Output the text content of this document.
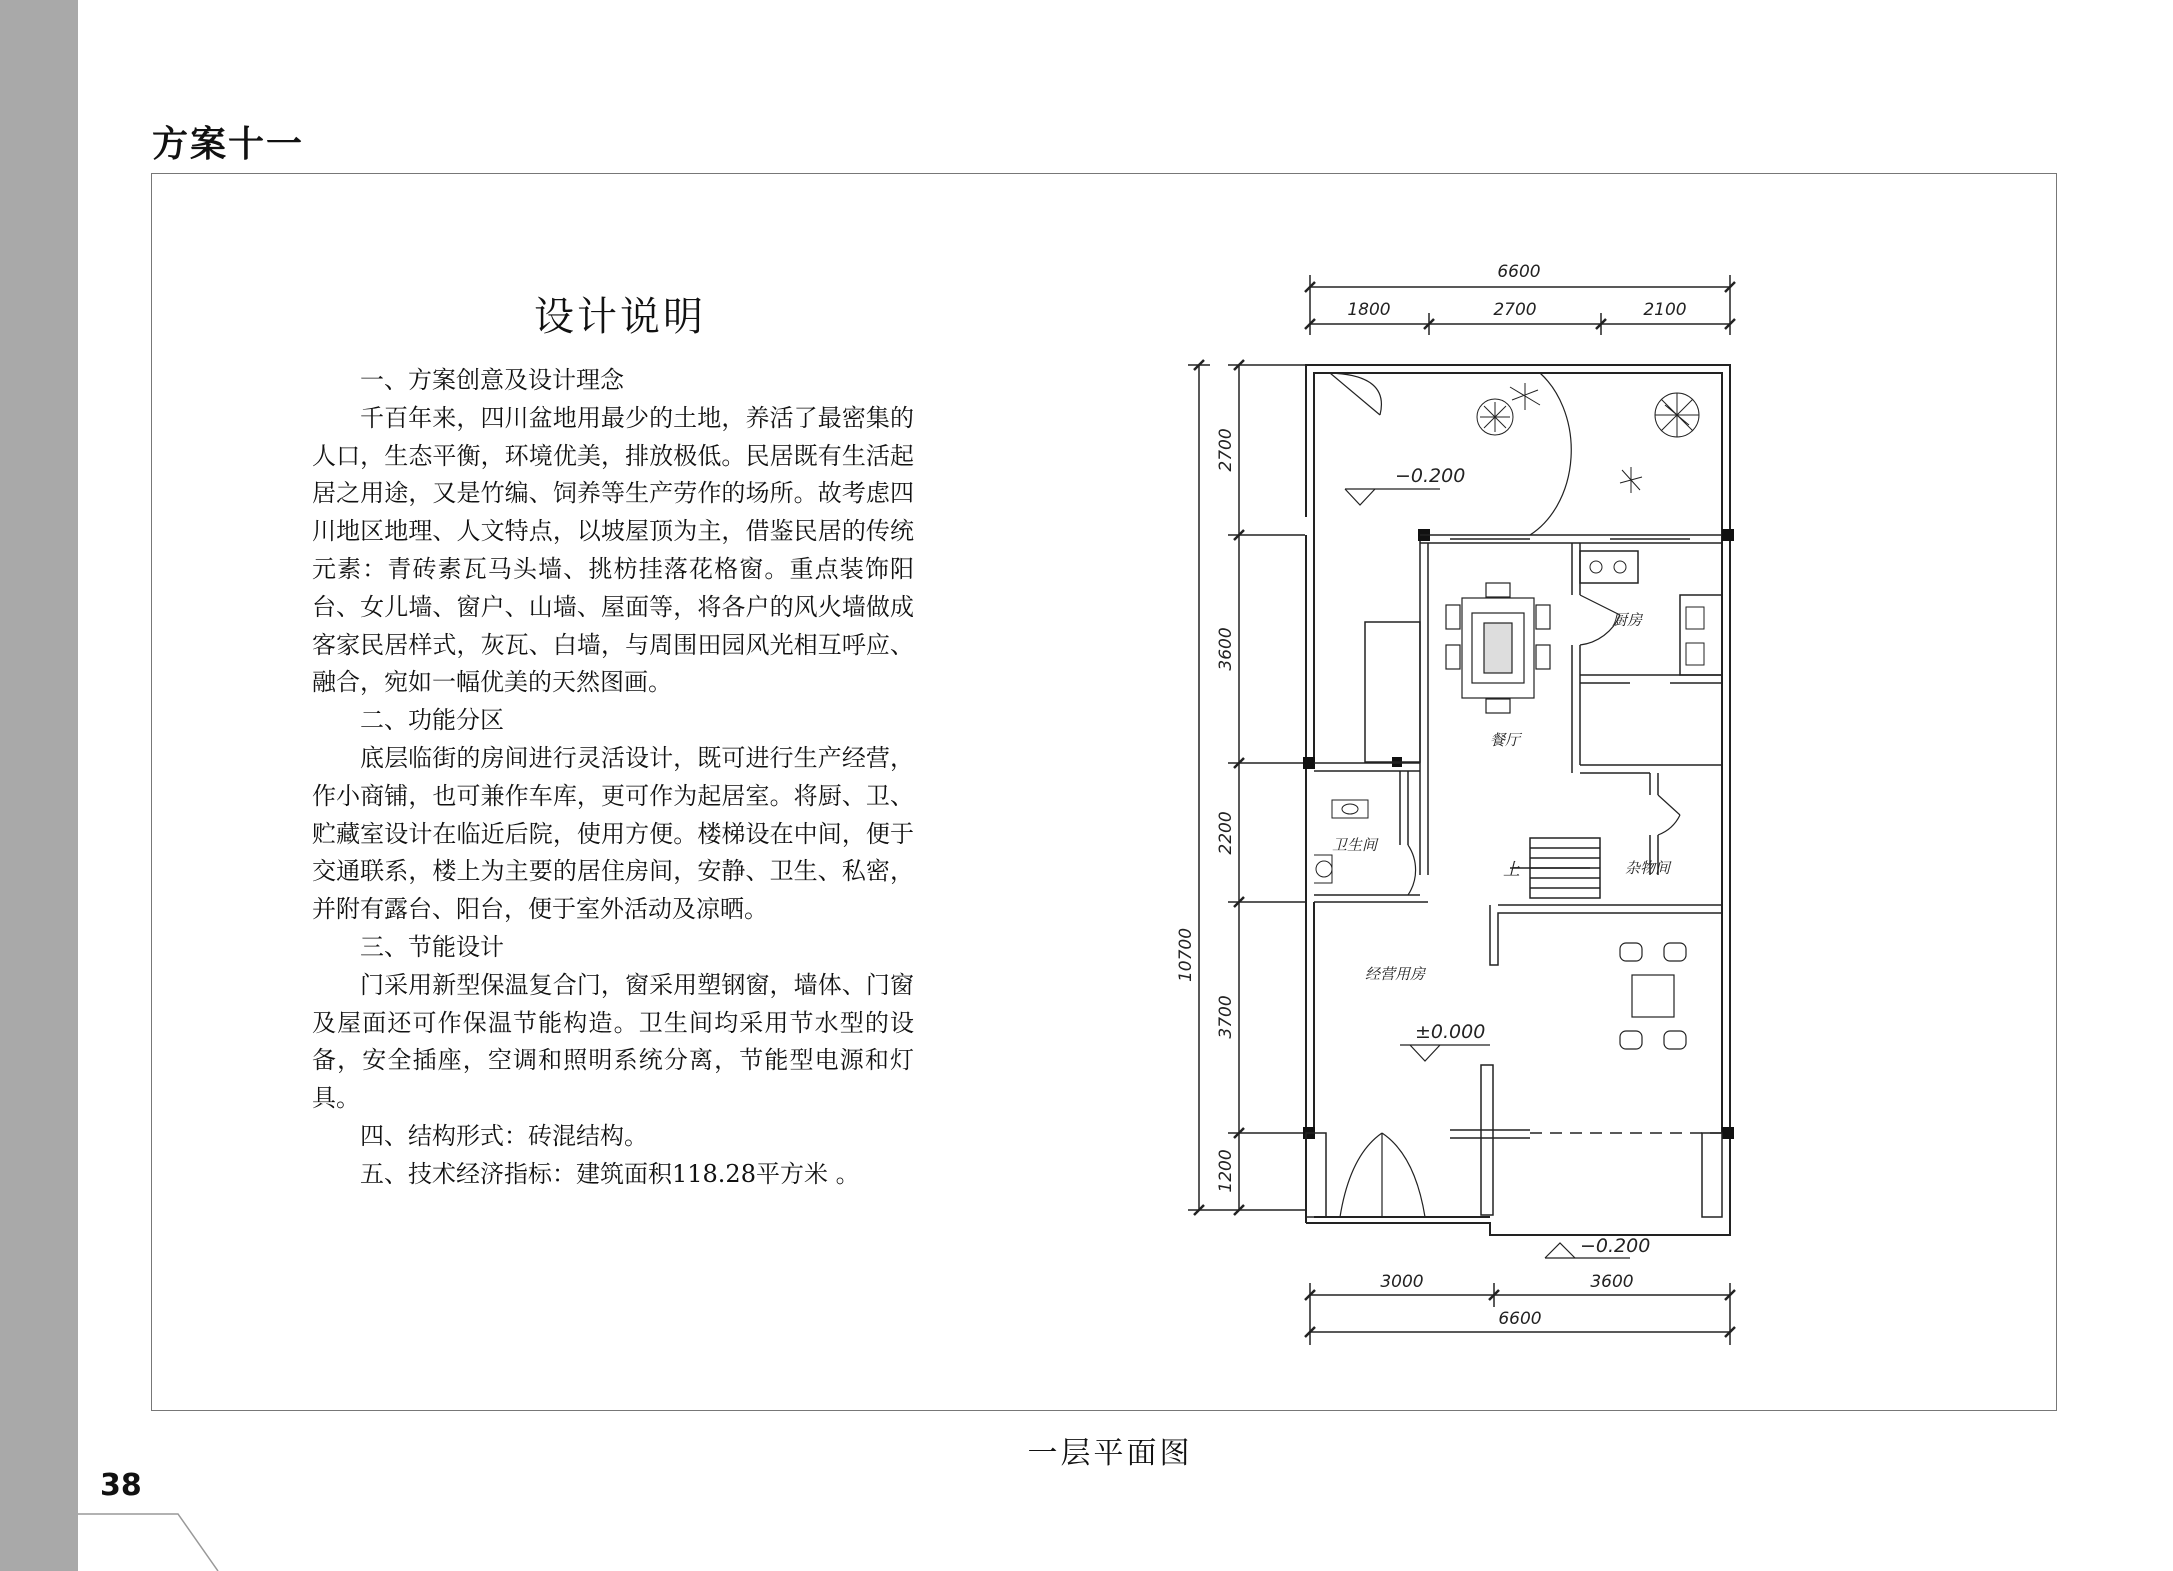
38
方案十一
设计说明

一、方案创意及设计理念

千百年来，四川盆地用最少的土地，养活了最密集的人口，生态平衡，环境优美，排放极低。民居既有生活起居之用途，又是竹编、饲养等生产劳作的场所。故考虑四川地区地理、人文特点，以坡屋顶为主，借鉴民居的传统元素：青砖素瓦马头墙、挑枋挂落花格窗。重点装饰阳台、女儿墙、窗户、山墙、屋面等，将各户的风火墙做成客家民居样式，灰瓦、白墙，与周围田园风光相互呼应、融合，宛如一幅优美的天然图画。

二、功能分区

底层临街的房间进行灵活设计，既可进行生产经营，作小商铺，也可兼作车库，更可作为起居室。将厨、卫、贮藏室设计在临近后院，使用方便。楼梯设在中间，便于交通联系，楼上为主要的居住房间，安静、卫生、私密，并附有露台、阳台，便于室外活动及凉晒。

三、节能设计

门采用新型保温复合门，窗采用塑钢窗，墙体、门窗及屋面还可作保温节能构造。卫生间均采用节水型的设备，安全插座，空调和照明系统分离，节能型电源和灯具。

四、结构形式：砖混结构。

五、技术经济指标：建筑面积118.28平方米 。

6600
1800	2700	2100
2700
3600
2200
3700
1200
10700
3000	3600
6600
−0.200
±0.000
−0.200
厨房
餐厅
卫生间
杂物间
经营用房
上
一层平面图
